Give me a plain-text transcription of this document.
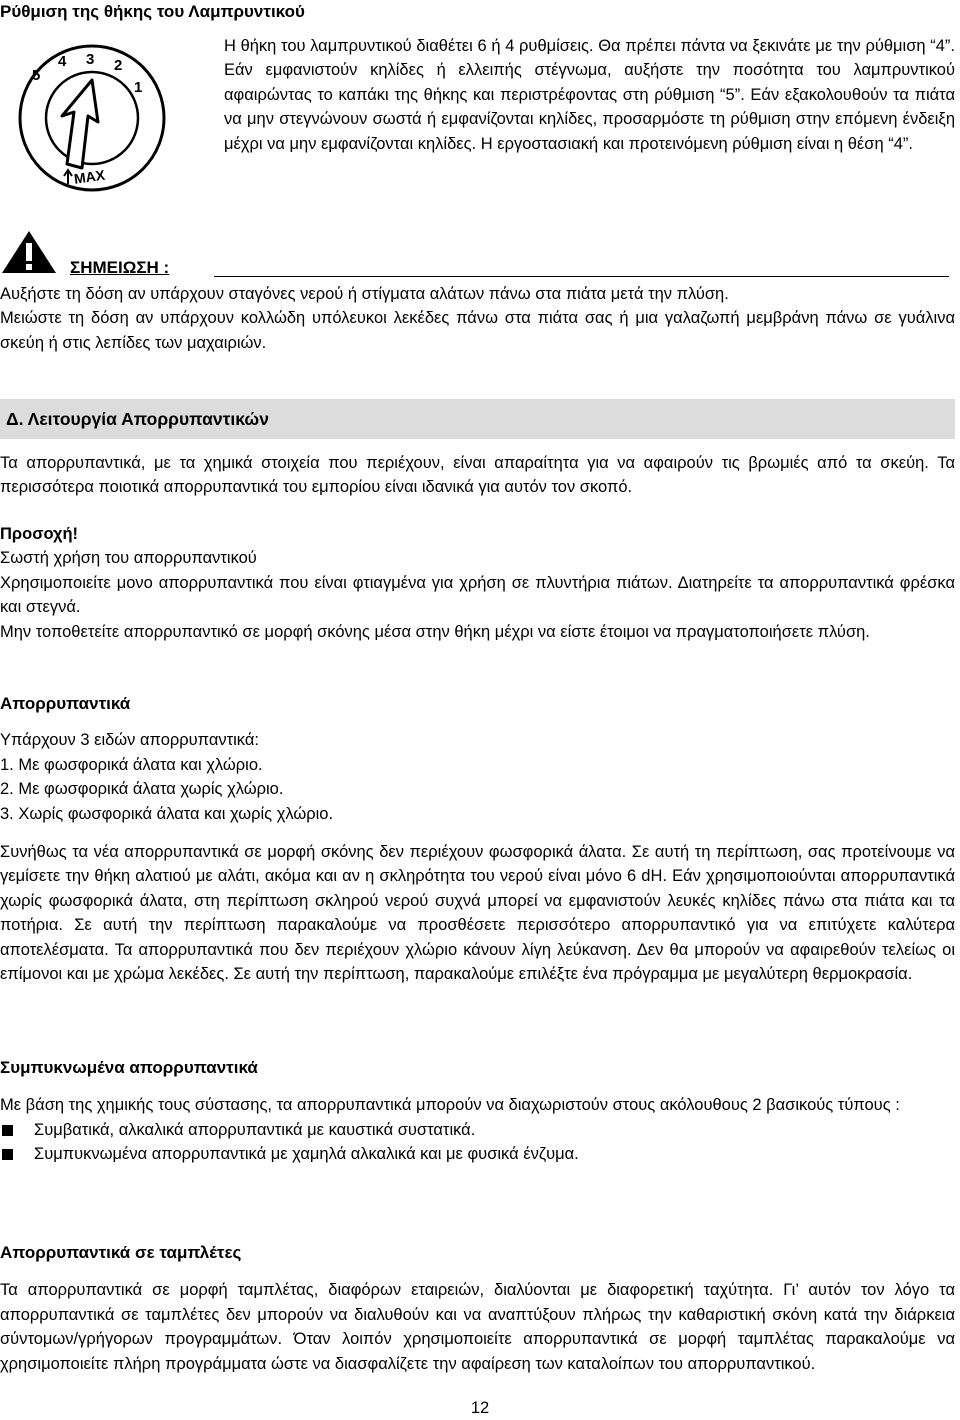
Ρύθμιση της θήκης του Λαμπρυντικού
5
4 3 2
1
MAX
Η θήκη του λαμπρυντικού διαθέτει 6 ή 4 ρυθμίσεις. Θα πρέπει πάντα να ξεκινάτε με την ρύθμιση “4”. Εάν εμφανιστούν κηλίδες ή ελλειπής στέγνωμα, αυξήστε την ποσότητα του λαμπρυντικού αφαιρώντας το καπάκι της θήκης και περιστρέφοντας στη ρύθμιση “5”. Εάν εξακολουθούν τα πιάτα να μην στεγνώνουν σωστά ή εμφανίζονται κηλίδες, προσαρμόστε τη ρύθμιση στην επόμενη ένδειξη μέχρι να μην εμφανίζονται κηλίδες. Η εργοστασιακή και προτεινόμενη ρύθμιση είναι η θέση “4”.
ΣΗΜΕΙΩΣΗ :
Αυξήστε τη δόση αν υπάρχουν σταγόνες νερού ή στίγματα αλάτων πάνω στα πιάτα μετά την πλύση.
Μειώστε τη δόση αν υπάρχουν κολλώδη υπόλευκοι λεκέδες πάνω στα πιάτα σας ή μια γαλαζωπή μεμβράνη πάνω σε γυάλινα σκεύη ή στις λεπίδες των μαχαιριών.
Δ. Λειτουργία Απορρυπαντικών
Τα απορρυπαντικά, με τα χημικά στοιχεία που περιέχουν, είναι απαραίτητα για να αφαιρούν τις βρωμιές από τα σκεύη. Τα περισσότερα ποιοτικά απορρυπαντικά του εμπορίου είναι ιδανικά για αυτόν τον σκοπό.
Προσοχή!
Σωστή χρήση του απορρυπαντικού
Χρησιμοποιείτε μονο απορρυπαντικά που είναι φτιαγμένα για χρήση σε πλυντήρια πιάτων. Διατηρείτε τα απορρυπαντικά φρέσκα και στεγνά.
Μην τοποθετείτε απορρυπαντικό σε μορφή σκόνης μέσα στην θήκη μέχρι να είστε έτοιμοι να πραγματοποιήσετε πλύση.
Απορρυπαντικά
Υπάρχουν 3 ειδών απορρυπαντικά:
1. Με φωσφορικά άλατα και χλώριο.
2. Με φωσφορικά άλατα χωρίς χλώριο.
3. Χωρίς φωσφορικά άλατα και χωρίς χλώριο.
Συνήθως τα νέα απορρυπαντικά σε μορφή σκόνης δεν περιέχουν φωσφορικά άλατα. Σε αυτή τη περίπτωση, σας προτείνουμε να γεμίσετε την θήκη αλατιού με αλάτι, ακόμα και αν η σκληρότητα του νερού είναι μόνο 6 dH. Εάν χρησιμοποιούνται απορρυπαντικά χωρίς φωσφορικά άλατα, στη περίπτωση σκληρού νερού συχνά μπορεί να εμφανιστούν λευκές κηλίδες πάνω στα πιάτα και τα ποτήρια. Σε αυτή την περίπτωση παρακαλούμε να προσθέσετε περισσότερο απορρυπαντικό για να επιτύχετε καλύτερα αποτελέσματα. Τα απορρυπαντικά που δεν περιέχουν χλώριο κάνουν λίγη λεύκανση. Δεν θα μπορούν να αφαιρεθούν τελείως οι επίμονοι και με χρώμα λεκέδες. Σε αυτή την περίπτωση, παρακαλούμε επιλέξτε ένα πρόγραμμα με μεγαλύτερη θερμοκρασία.
Συμπυκνωμένα απορρυπαντικά
Με βάση της χημικής τους σύστασης, τα απορρυπαντικά μπορούν να διαχωριστούν στους ακόλουθους 2 βασικούς τύπους :
Συμβατικά, αλκαλικά απορρυπαντικά με καυστικά συστατικά.
Συμπυκνωμένα απορρυπαντικά με χαμηλά αλκαλικά και με φυσικά ένζυμα.
Απορρυπαντικά σε ταμπλέτες
Τα απορρυπαντικά σε μορφή ταμπλέτας, διαφόρων εταιρειών, διαλύονται με διαφορετική ταχύτητα. Γι’ αυτόν τον λόγο τα απορρυπαντικά σε ταμπλέτες δεν μπορούν να διαλυθούν και να αναπτύξουν πλήρως την καθαριστική σκόνη κατά την διάρκεια σύντομων/γρήγορων προγραμμάτων. Όταν λοιπόν χρησιμοποιείτε απορρυπαντικά σε μορφή ταμπλέτας παρακαλούμε να χρησιμοποιείτε πλήρη προγράμματα ώστε να διασφαλίζετε την αφαίρεση των καταλοίπων του απορρυπαντικού.
12
